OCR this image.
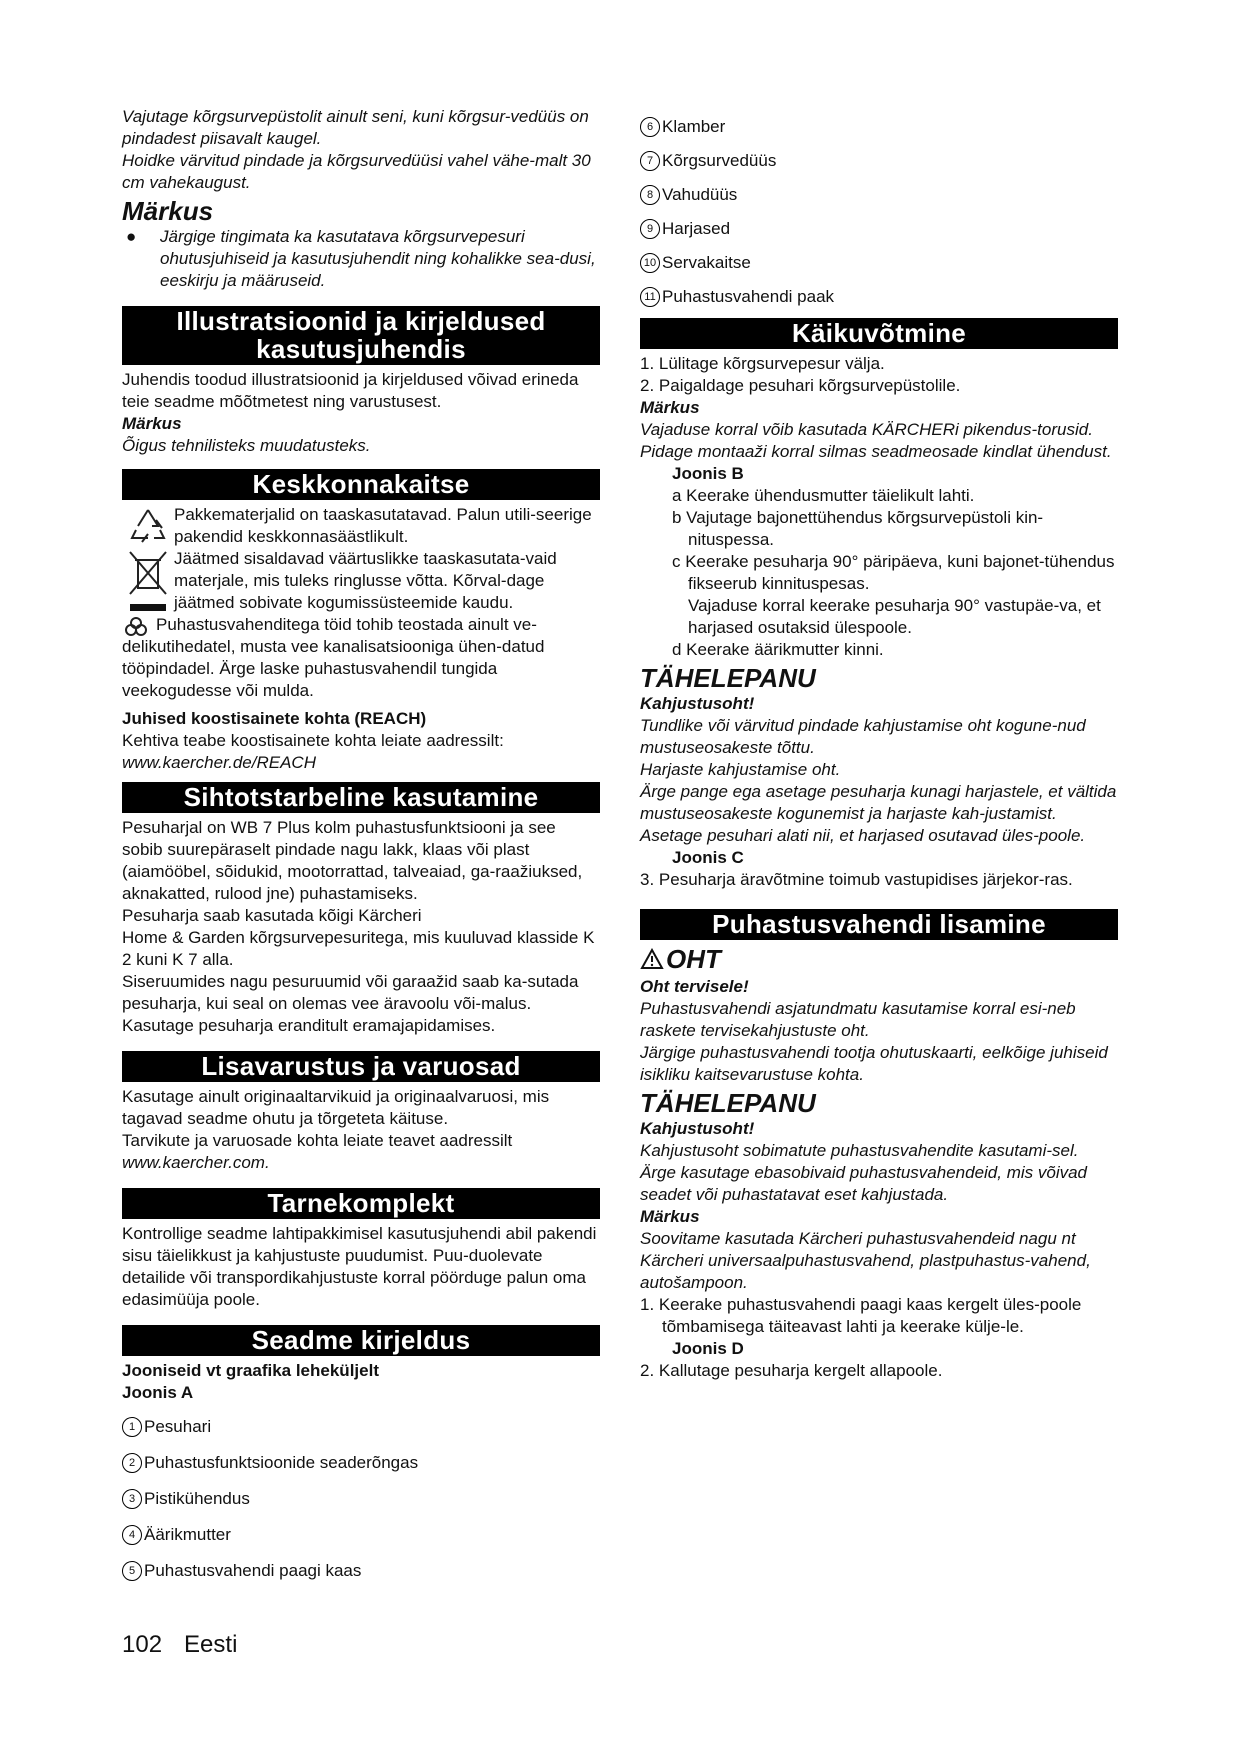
Vajutage kõrgsurvepüstolit ainult seni, kuni kõrgsur-vedüüs on pindadest piisavalt kaugel.

Hoidke värvitud pindade ja kõrgsurvedüüsi vahel vähe-malt 30 cm vahekaugust.

Märkus

●	Järgige tingimata ka kasutatava kõrgsurvepesuri ohutusjuhiseid ja kasutusjuhendit ning kohalikke sea-dusi, eeskirju ja määruseid.
Illustratsioonid ja kirjeldused kasutusjuhendis

Juhendis toodud illustratsioonid ja kirjeldused võivad erineda teie seadme mõõtmetest ning varustusest.

Märkus

Õigus tehnilisteks muudatusteks.

Keskkonnakaitse

Pakkematerjalid on taaskasutatavad. Palun utili-seerige pakendid keskkonnasäästlikult.

Jäätmed sisaldavad väärtuslikke taaskasutata-vaid materjale, mis tuleks ringlusse võtta. Kõrval-dage jäätmed sobivate kogumissüsteemide kaudu.

Puhastusvahenditega töid tohib teostada ainult ve-delikutihedatel, musta vee kanalisatsiooniga ühen-datud tööpindadel. Ärge laske puhastusvahendil tungida veekogudesse või mulda.

Juhised koostisainete kohta (REACH)

Kehtiva teabe koostisainete kohta leiate aadressilt:

www.kaercher.de/REACH

Sihtotstarbeline kasutamine

Pesuharjal on WB 7 Plus kolm puhastusfunktsiooni ja see sobib suurepäraselt pindade nagu lakk, klaas või plast (aiamööbel, sõidukid, mootorrattad, talveaiad, ga-raažiuksed, aknakatted, rulood jne) puhastamiseks.

Pesuharja saab kasutada kõigi Kärcheri

Home & Garden kõrgsurvepesuritega, mis kuuluvad klasside K 2 kuni K 7 alla.

Siseruumides nagu pesuruumid või garaažid saab ka-sutada pesuharja, kui seal on olemas vee äravoolu või-malus.

Kasutage pesuharja eranditult eramajapidamises.

Lisavarustus ja varuosad

Kasutage ainult originaaltarvikuid ja originaalvaruosi, mis tagavad seadme ohutu ja tõrgeteta käituse.

Tarvikute ja varuosade kohta leiate teavet aadressilt

www.kaercher.com.

Tarnekomplekt

Kontrollige seadme lahtipakkimisel kasutusjuhendi abil pakendi sisu täielikkust ja kahjustuste puudumist. Puu-duolevate detailide või transpordikahjustuste korral pöörduge palun oma edasimüüja poole.

Seadme kirjeldus

Jooniseid vt graafika leheküljelt

Joonis A

1 Pesuhari
2 Puhastusfunktsioonide seaderõngas
3 Pistikühendus
4 Äärikmutter
5 Puhastusvahendi paagi kaas
6 Klamber
7 Kõrgsurvedüüs
8 Vahudüüs
9 Harjased
10 Servakaitse
11 Puhastusvahendi paak
Käikuvõtmine

1. Lülitage kõrgsurvepesur välja.

2. Paigaldage pesuhari kõrgsurvepüstolile.

Märkus

Vajaduse korral võib kasutada KÄRCHERi pikendus-torusid.

Pidage montaaži korral silmas seadmeosade kindlat ühendust.

Joonis B

a Keerake ühendusmutter täielikult lahti.

b Vajutage bajonettühendus kõrgsurvepüstoli kin-nituspessa.

c Keerake pesuharja 90° päripäeva, kuni bajonet-tühendus fikseerub kinnituspesas.

Vajaduse korral keerake pesuharja 90° vastupäe-va, et harjased osutaksid ülespoole.

d Keerake äärikmutter kinni.

TÄHELEPANU

Kahjustusoht!

Tundlike või värvitud pindade kahjustamise oht kogune-nud mustuseosakeste tõttu.

Harjaste kahjustamise oht.

Ärge pange ega asetage pesuharja kunagi harjastele, et vältida mustuseosakeste kogunemist ja harjaste kah-justamist.

Asetage pesuhari alati nii, et harjased osutavad üles-poole.

Joonis C

3. Pesuharja äravõtmine toimub vastupidises järjekor-ras.

Puhastusvahendi lisamine

OHT

Oht tervisele!

Puhastusvahendi asjatundmatu kasutamise korral esi-neb raskete tervisekahjustuste oht.

Järgige puhastusvahendi tootja ohutuskaarti, eelkõige juhiseid isikliku kaitsevarustuse kohta.

TÄHELEPANU

Kahjustusoht!

Kahjustusoht sobimatute puhastusvahendite kasutami-sel.

Ärge kasutage ebasobivaid puhastusvahendeid, mis võivad seadet või puhastatavat eset kahjustada.

Märkus

Soovitame kasutada Kärcheri puhastusvahendeid nagu nt Kärcheri universaalpuhastusvahend, plastpuhastus-vahend, autošampoon.

1. Keerake puhastusvahendi paagi kaas kergelt üles-poole tõmbamisega täiteavast lahti ja keerake külje-le.

Joonis D

2. Kallutage pesuharja kergelt allapoole.

102 Eesti
